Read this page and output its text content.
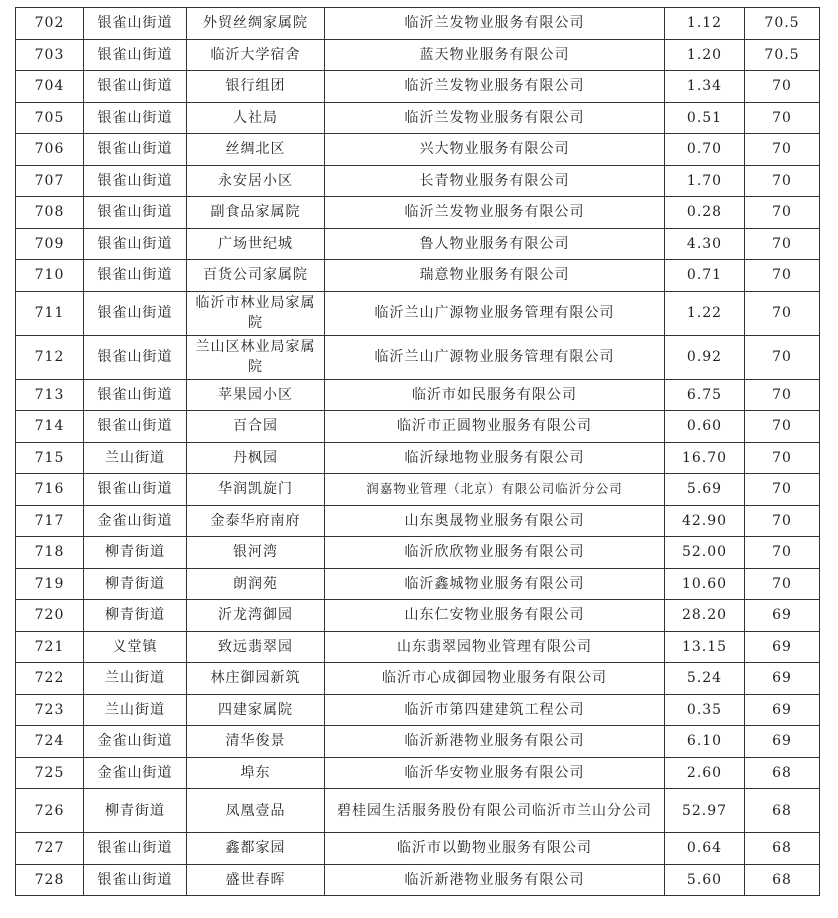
702	银雀山街道	外贸丝绸家属院	临沂兰发物业服务有限公司	1.12	70.5
703	银雀山街道	临沂大学宿舍	蓝天物业服务有限公司	1.20	70.5
704	银雀山街道	银行组团	临沂兰发物业服务有限公司	1.34	70
705	银雀山街道	人社局	临沂兰发物业服务有限公司	0.51	70
706	银雀山街道	丝绸北区	兴大物业服务有限公司	0.70	70
707	银雀山街道	永安居小区	长青物业服务有限公司	1.70	70
708	银雀山街道	副食品家属院	临沂兰发物业服务有限公司	0.28	70
709	银雀山街道	广场世纪城	鲁人物业服务有限公司	4.30	70
710	银雀山街道	百货公司家属院	瑞意物业服务有限公司	0.71	70
711	银雀山街道	临沂市林业局家属院	临沂兰山广源物业服务管理有限公司	1.22	70
712	银雀山街道	兰山区林业局家属院	临沂兰山广源物业服务管理有限公司	0.92	70
713	银雀山街道	苹果园小区	临沂市如民服务有限公司	6.75	70
714	银雀山街道	百合园	临沂市正圆物业服务有限公司	0.60	70
715	兰山街道	丹枫园	临沂绿地物业服务有限公司	16.70	70
716	银雀山街道	华润凯旋门	润嘉物业管理（北京）有限公司临沂分公司	5.69	70
717	金雀山街道	金泰华府南府	山东奥晟物业服务有限公司	42.90	70
718	柳青街道	银河湾	临沂欣欣物业服务有限公司	52.00	70
719	柳青街道	朗润苑	临沂鑫城物业服务有限公司	10.60	70
720	柳青街道	沂龙湾御园	山东仁安物业服务有限公司	28.20	69
721	义堂镇	致远翡翠园	山东翡翠园物业管理有限公司	13.15	69
722	兰山街道	林庄御园新筑	临沂市心成御园物业服务有限公司	5.24	69
723	兰山街道	四建家属院	临沂市第四建建筑工程公司	0.35	69
724	金雀山街道	清华俊景	临沂新港物业服务有限公司	6.10	69
725	金雀山街道	埠东	临沂华安物业服务有限公司	2.60	68
726	柳青街道	凤凰壹品	碧桂园生活服务股份有限公司临沂市兰山分公司	52.97	68
727	银雀山街道	鑫都家园	临沂市以勤物业服务有限公司	0.64	68
728	银雀山街道	盛世春晖	临沂新港物业服务有限公司	5.60	68
